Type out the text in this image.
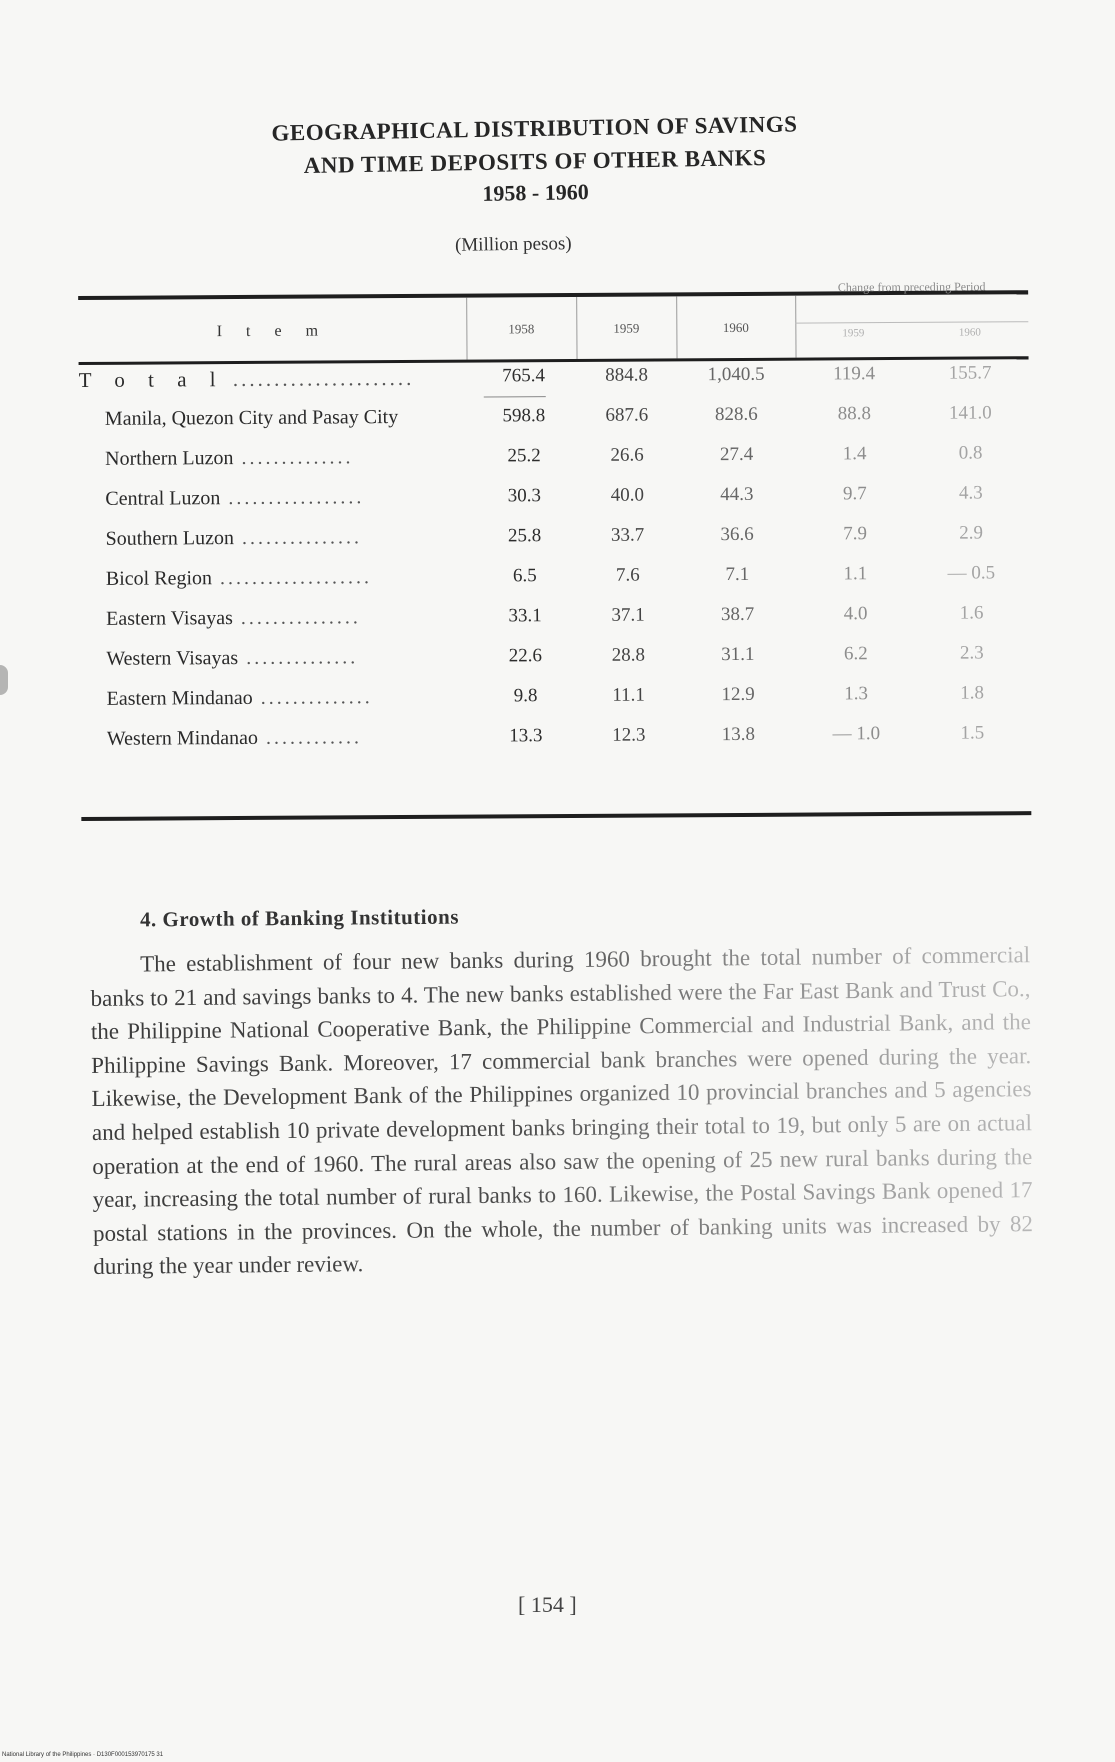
GEOGRAPHICAL DISTRIBUTION OF SAVINGS
AND TIME DEPOSITS OF OTHER BANKS
1958 - 1960
(Million pesos)
I t e m	1958	1959	1960
Change from preceding Period
1959	1960
T o t a l ......................	765.4	884.8	1,040.5	119.4	155.7
Manila, Quezon City and Pasay City	598.8	687.6	828.6	88.8	141.0
Northern Luzon ..............	25.2	26.6	27.4	1.4	0.8
Central Luzon .................	30.3	40.0	44.3	9.7	4.3
Southern Luzon ...............	25.8	33.7	36.6	7.9	2.9
Bicol Region ...................	6.5	7.6	7.1	1.1	— 0.5
Eastern Visayas ...............	33.1	37.1	38.7	4.0	1.6
Western Visayas ..............	22.6	28.8	31.1	6.2	2.3
Eastern Mindanao ..............	9.8	11.1	12.9	1.3	1.8
Western Mindanao ............	13.3	12.3	13.8	— 1.0	1.5
4. Growth of Banking Institutions
The establishment of four new banks during 1960 brought the total number of commercial banks to 21 and savings banks to 4. The new banks established were the Far East Bank and Trust Co., the Philippine National Cooperative Bank, the Philippine Commercial and Industrial Bank, and the Philippine Savings Bank. Moreover, 17 commercial bank branches were opened during the year. Likewise, the Development Bank of the Philippines organized 10 provincial branches and 5 agencies and helped establish 10 private development banks bringing their total to 19, but only 5 are on actual operation at the end of 1960. The rural areas also saw the opening of 25 new rural banks during the year, increasing the total number of rural banks to 160. Likewise, the Postal Savings Bank opened 17 postal stations in the provinces. On the whole, the number of banking units was increased by 82 during the year under review.
[ 154 ]
National Library of the Philippines · D130F000153970175 31
